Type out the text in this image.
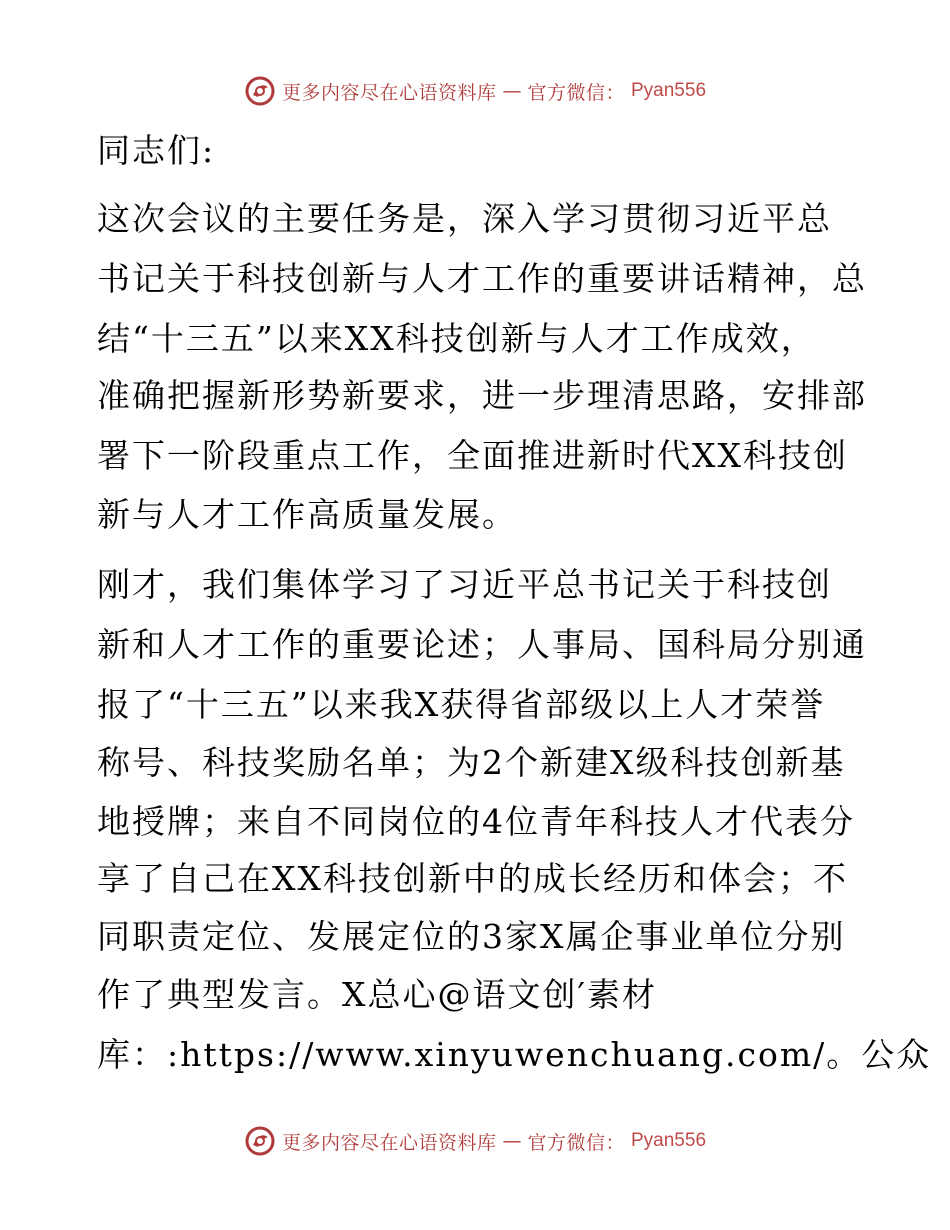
更多内容尽在心语资料库 — 官方微信： Pyan556
同志们:
这次会议的主要任务是，深入学习贯彻习近平总
书记关于科技创新与人才工作的重要讲话精神，总
结“十三五”以来XX科技创新与人才工作成效，
准确把握新形势新要求，进一步理清思路，安排部
署下一阶段重点工作，全面推进新时代XX科技创
新与人才工作高质量发展。
刚才，我们集体学习了习近平总书记关于科技创
新和人才工作的重要论述；人事局、国科局分别通
报了“十三五”以来我X获得省部级以上人才荣誉
称号、科技奖励名单；为2个新建X级科技创新基
地授牌；来自不同岗位的4位青年科技人才代表分
享了自己在XX科技创新中的成长经历和体会；不
同职责定位、发展定位的3家X属企事业单位分别
作了典型发言。X总心@语文创′素材
库：:https://www.xinyuwenchuang.com/。公众
更多内容尽在心语资料库 — 官方微信： Pyan556
